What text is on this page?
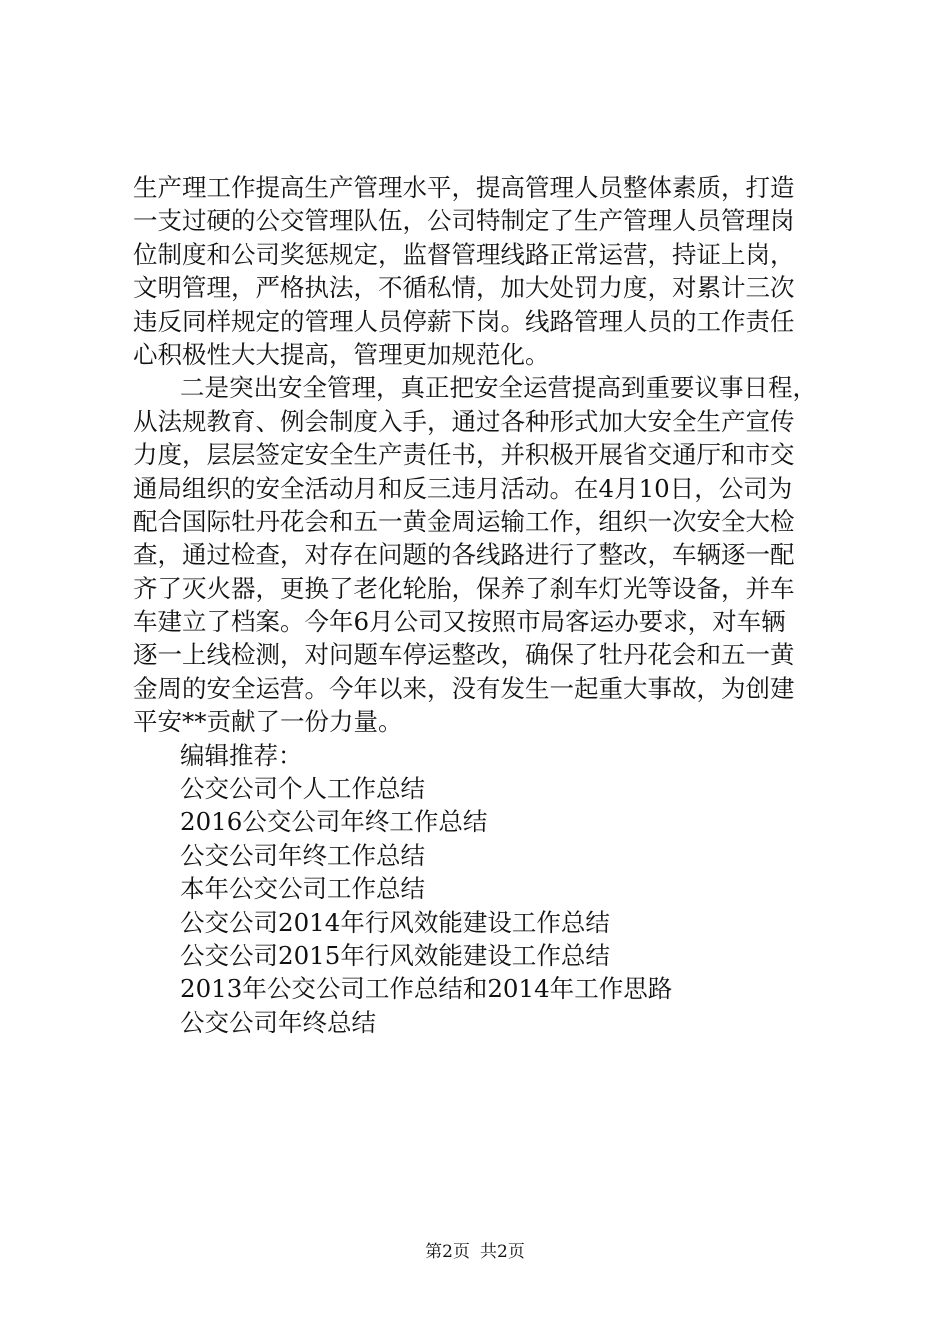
生产理工作提高生产管理水平，提高管理人员整体素质，打造
一支过硬的公交管理队伍，公司特制定了生产管理人员管理岗
位制度和公司奖惩规定，监督管理线路正常运营，持证上岗，
文明管理，严格执法，不循私情，加大处罚力度，对累计三次
违反同样规定的管理人员停薪下岗。线路管理人员的工作责任
心积极性大大提高，管理更加规范化。
二是突出安全管理，真正把安全运营提高到重要议事日程，
从法规教育、例会制度入手，通过各种形式加大安全生产宣传
力度，层层签定安全生产责任书，并积极开展省交通厅和市交
通局组织的安全活动月和反三违月活动。在4月10日，公司为
配合国际牡丹花会和五一黄金周运输工作，组织一次安全大检
查，通过检查，对存在问题的各线路进行了整改，车辆逐一配
齐了灭火器，更换了老化轮胎，保养了刹车灯光等设备，并车
车建立了档案。今年6月公司又按照市局客运办要求，对车辆
逐一上线检测，对问题车停运整改，确保了牡丹花会和五一黄
金周的安全运营。今年以来，没有发生一起重大事故，为创建
平安**贡献了一份力量。
编辑推荐：
公交公司个人工作总结
2016公交公司年终工作总结
公交公司年终工作总结
本年公交公司工作总结
公交公司2014年行风效能建设工作总结
公交公司2015年行风效能建设工作总结
2013年公交公司工作总结和2014年工作思路
公交公司年终总结
第2页 共2页
